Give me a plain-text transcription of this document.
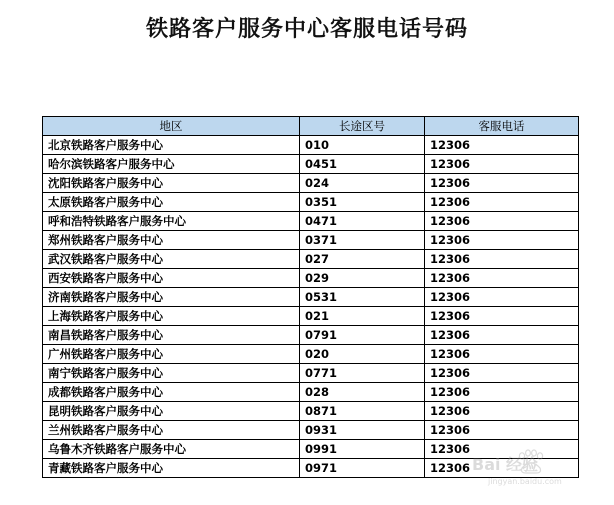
铁路客户服务中心客服电话号码
地区	长途区号	客服电话
北京铁路客户服务中心	010	12306
哈尔滨铁路客户服务中心	0451	12306
沈阳铁路客户服务中心	024	12306
太原铁路客户服务中心	0351	12306
呼和浩特铁路客户服务中心	0471	12306
郑州铁路客户服务中心	0371	12306
武汉铁路客户服务中心	027	12306
西安铁路客户服务中心	029	12306
济南铁路客户服务中心	0531	12306
上海铁路客户服务中心	021	12306
南昌铁路客户服务中心	0791	12306
广州铁路客户服务中心	020	12306
南宁铁路客户服务中心	0771	12306
成都铁路客户服务中心	028	12306
昆明铁路客户服务中心	0871	12306
兰州铁路客户服务中心	0931	12306
乌鲁木齐铁路客户服务中心	0991	12306
青藏铁路客户服务中心	0971	12306 Bai 经验
jingyan.baidu.com
